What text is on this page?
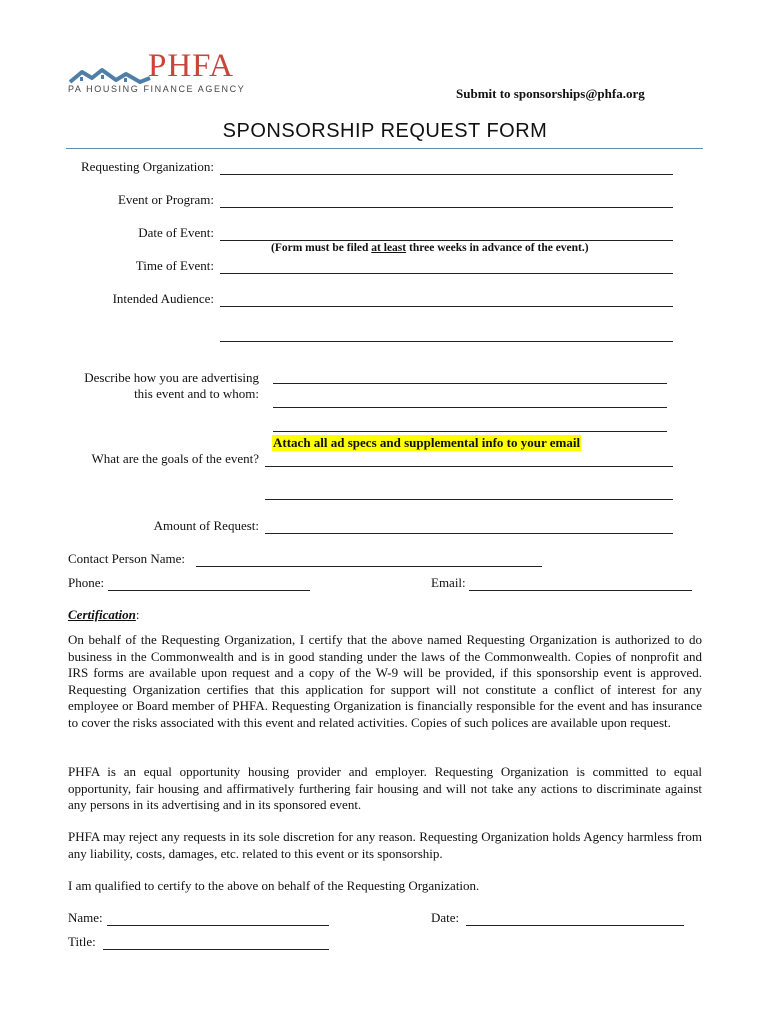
PHFA
PA HOUSING FINANCE AGENCY	Submit to sponsorships@phfa.org
SPONSORSHIP REQUEST FORM
Requesting Organization:
Event or Program:
Date of Event:
(Form must be filed at least three weeks in advance of the event.)
Time of Event:
Intended Audience:
Describe how you are advertising
this event and to whom:
Attach all ad specs and supplemental info to your email
What are the goals of the event?
Amount of Request:
Contact Person Name:
Phone:	Email:
Certification:
On behalf of the Requesting Organization, I certify that the above named Requesting Organization is authorized to do business in the Commonwealth and is in good standing under the laws of the Commonwealth. Copies of nonprofit and IRS forms are available upon request and a copy of the W-9 will be provided, if this sponsorship event is approved. Requesting Organization certifies that this application for support will not constitute a conflict of interest for any employee or Board member of PHFA. Requesting Organization is financially responsible for the event and has insurance to cover the risks associated with this event and related activities. Copies of such polices are available upon request.
PHFA is an equal opportunity housing provider and employer. Requesting Organization is committed to equal opportunity, fair housing and affirmatively furthering fair housing and will not take any actions to discriminate against any persons in its advertising and in its sponsored event.
PHFA may reject any requests in its sole discretion for any reason. Requesting Organization holds Agency harmless from any liability, costs, damages, etc. related to this event or its sponsorship.
I am qualified to certify to the above on behalf of the Requesting Organization.
Name:	Date:
Title:
